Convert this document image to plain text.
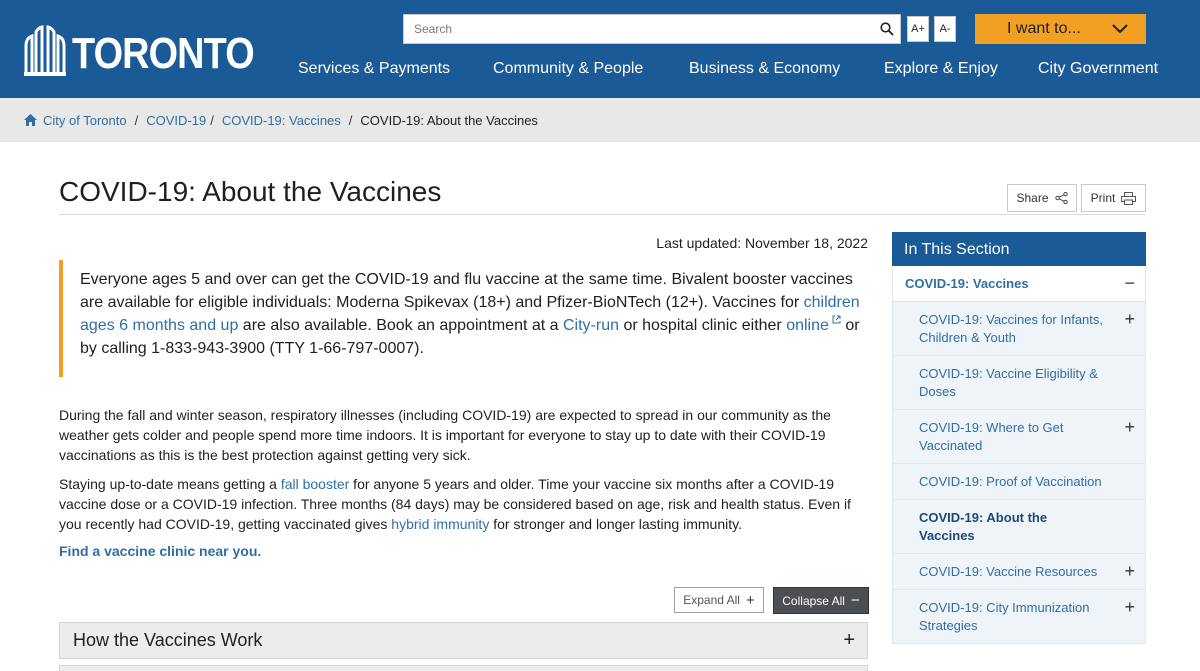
TORONTO
Search	A+	A-	I want to...
Services & Payments	Community & People	Business & Economy	Explore & Enjoy	City Government
City of Toronto / COVID-19 / COVID-19: Vaccines / COVID-19: About the Vaccines
COVID-19: About the Vaccines	Share	Print
Last updated: November 18, 2022
Everyone ages 5 and over can get the COVID-19 and flu vaccine at the same time. Bivalent booster vaccines are available for eligible individuals: Moderna Spikevax (18+) and Pfizer-BioNTech (12+). Vaccines for children ages 6 months and up are also available. Book an appointment at a City-run or hospital clinic either online or by calling 1-833-943-3900 (TTY 1-66-797-0007).

During the fall and winter season, respiratory illnesses (including COVID-19) are expected to spread in our community as the weather gets colder and people spend more time indoors. It is important for everyone to stay up to date with their COVID-19 vaccinations as this is the best protection against getting very sick.

Staying up-to-date means getting a fall booster for anyone 5 years and older. Time your vaccine six months after a COVID-19 vaccine dose or a COVID-19 infection. Three months (84 days) may be considered based on age, risk and health status. Even if you recently had COVID-19, getting vaccinated gives hybrid immunity for stronger and longer lasting immunity.

Find a vaccine clinic near you.
Expand All + Collapse All −
How the Vaccines Work	+
In This Section
COVID-19: Vaccines	−
COVID-19: Vaccines for Infants, Children & Youth
+
COVID-19: Vaccine Eligibility & Doses
COVID-19: Where to Get Vaccinated
+
COVID-19: Proof of Vaccination
COVID-19: About the Vaccines
COVID-19: Vaccine Resources	+
COVID-19: City Immunization Strategies
+
